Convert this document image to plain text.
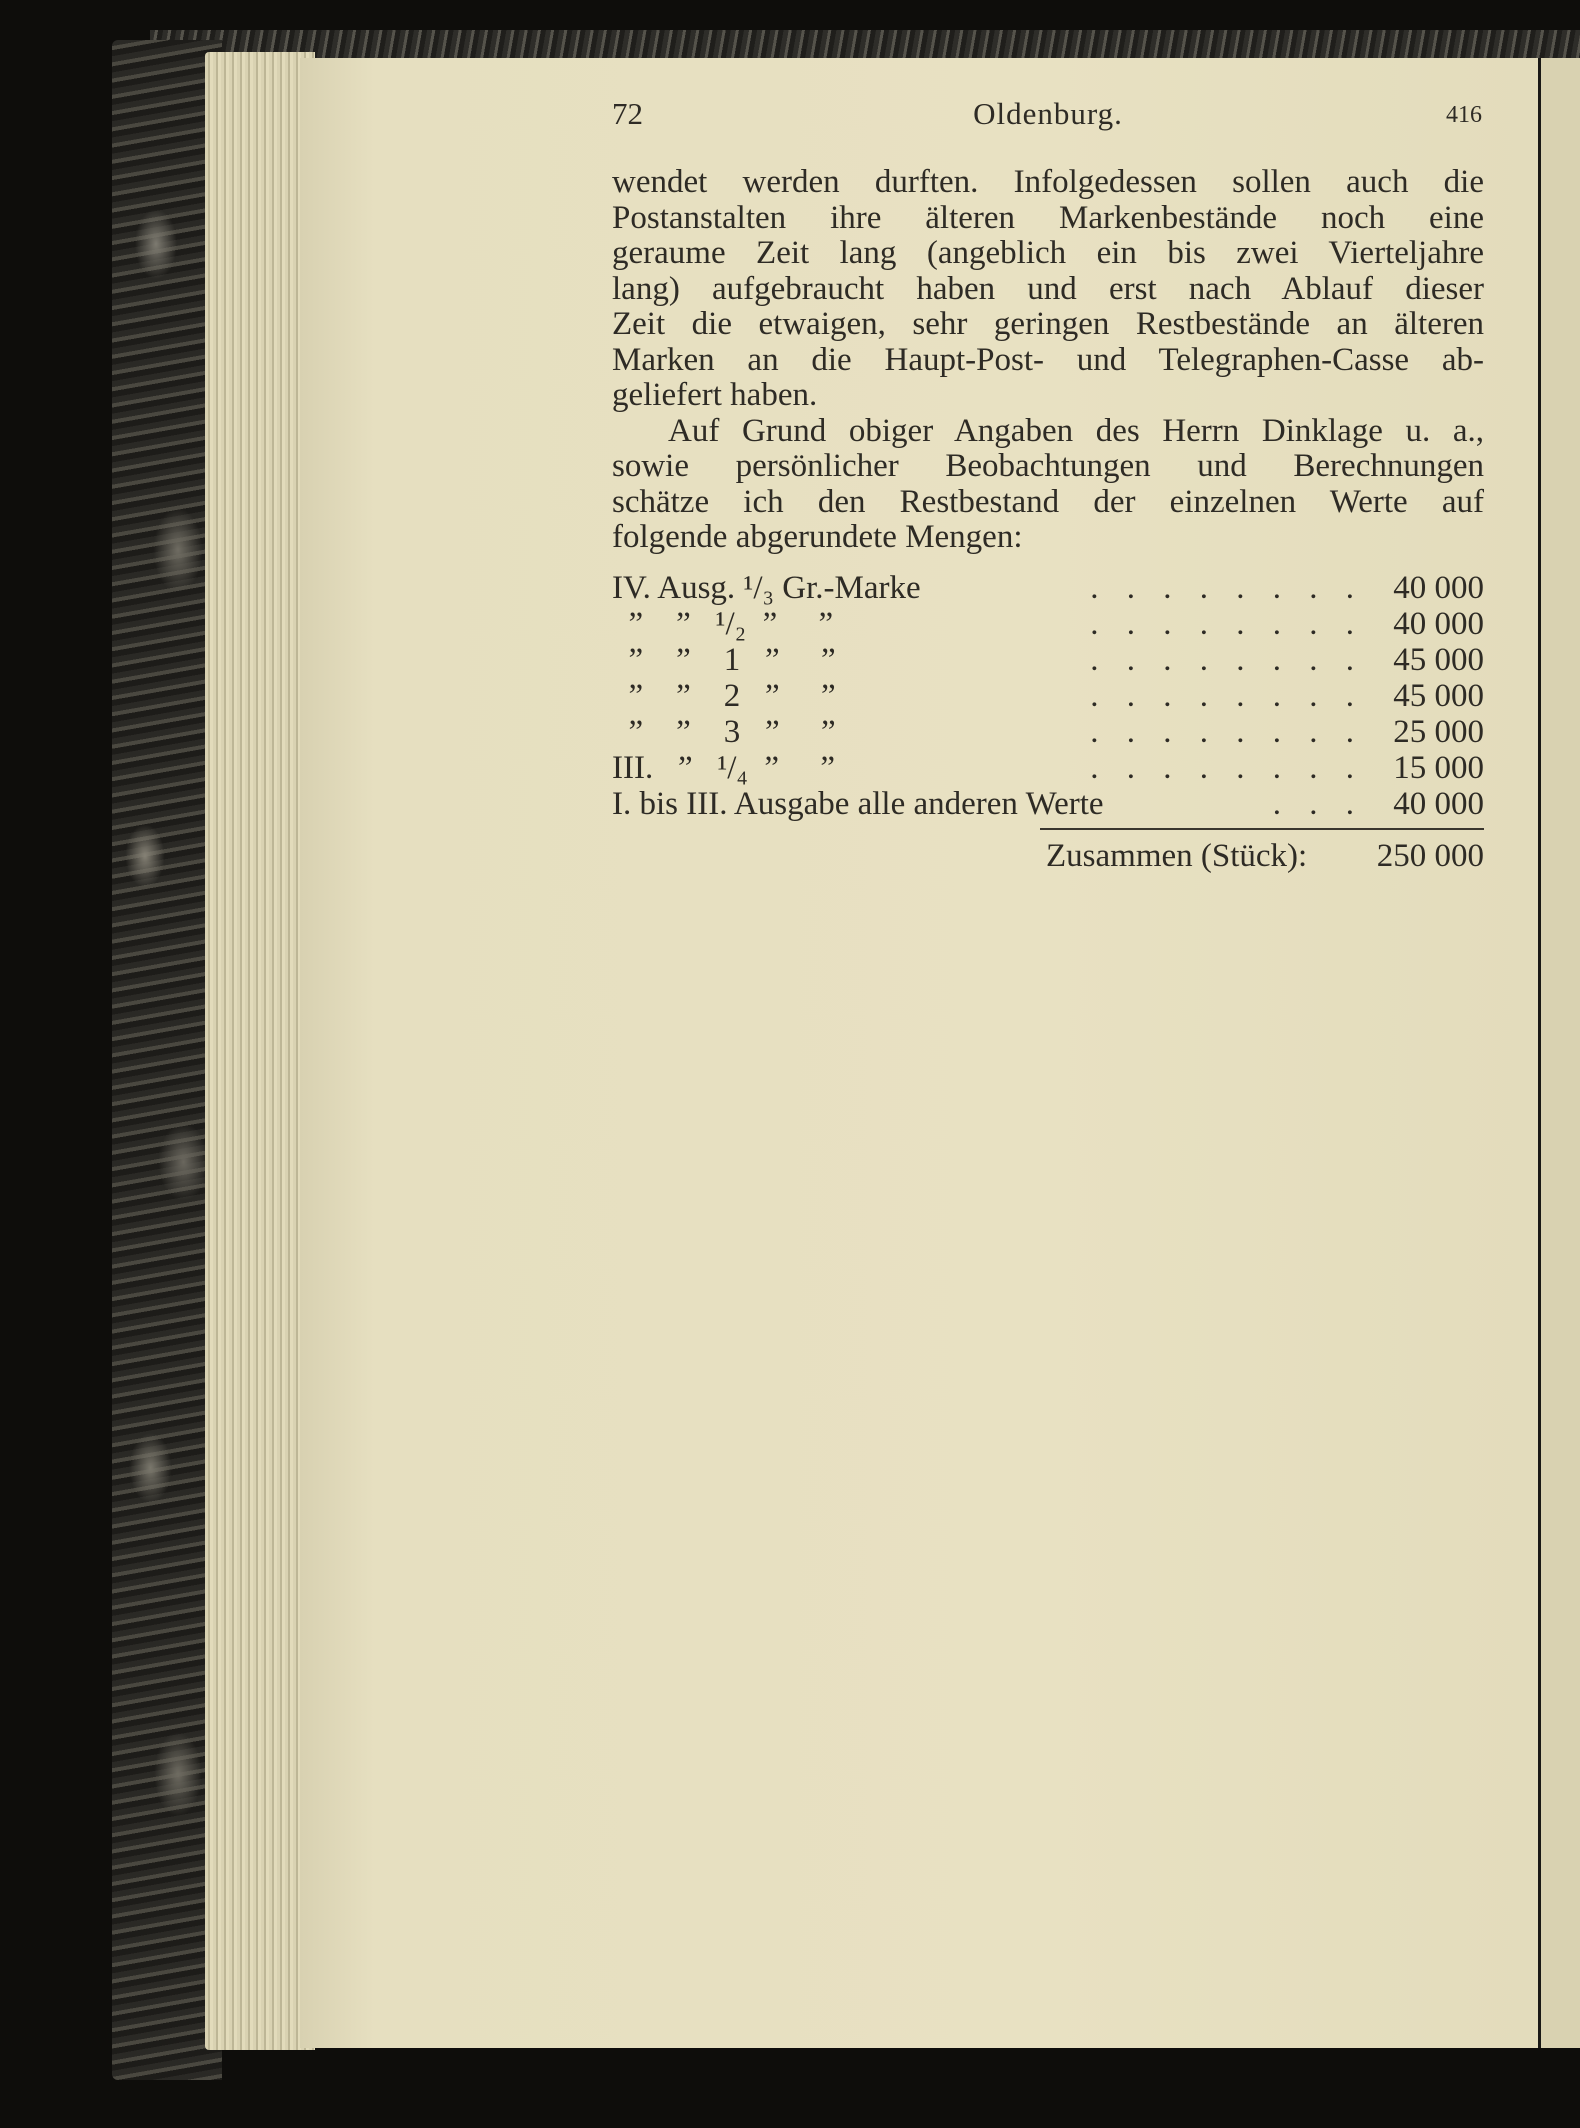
72	Oldenburg.	416
wendet werden durften. Infolgedessen sollen auch die
Postanstalten ihre älteren Markenbestände noch eine
geraume Zeit lang (angeblich ein bis zwei Vierteljahre
lang) aufgebraucht haben und erst nach Ablauf dieser
Zeit die etwaigen, sehr geringen Restbestände an älteren
Marken an die Haupt-Post- und Telegraphen-Casse ab-
geliefert haben.
Auf Grund obiger Angaben des Herrn Dinklage u. a.,
sowie persönlicher Beobachtungen und Berechnungen
schätze ich den Restbestand der einzelnen Werte auf
folgende abgerundete Mengen:
. . . . . . . .
IV. Ausg. ¹/₃ Gr.-Marke	40 000
. . . . . . . .
”    ”   ¹/₂  ”     ”	40 000
. . . . . . . .
”    ”    1   ”     ”	45 000
. . . . . . . .
”    ”    2   ”     ”	45 000
. . . . . . . .
”    ”    3   ”     ”	25 000
. . . . . . . .
III.   ”   ¹/₄  ”     ”	15 000
. . .
I. bis III. Ausgabe alle anderen Werte	40 000
Zusammen (Stück): 250 000
